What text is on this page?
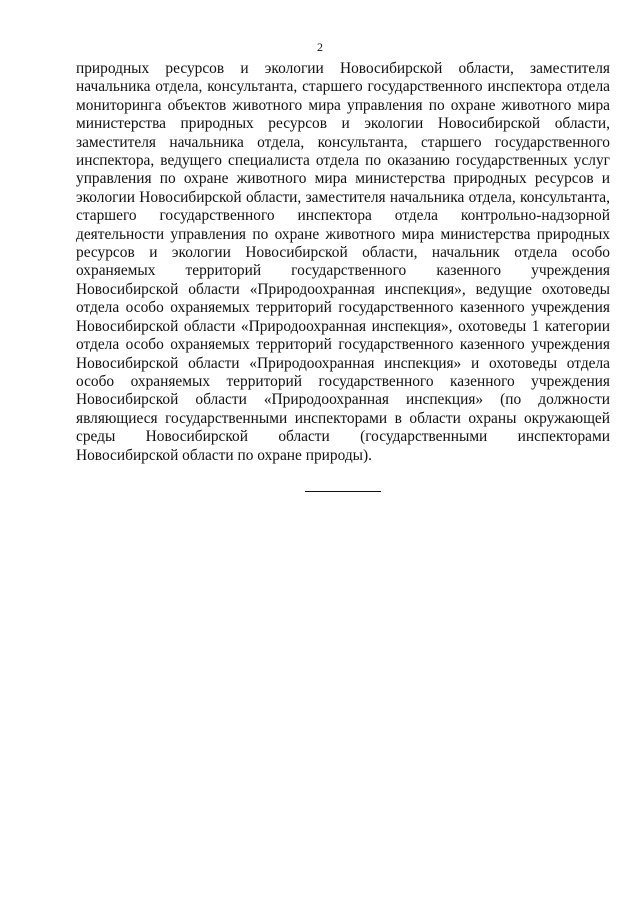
2

природных ресурсов и экологии Новосибирской области, заместителя начальника отдела, консультанта, старшего государственного инспектора отдела мониторинга объектов животного мира управления по охране животного мира министерства природных ресурсов и экологии Новосибирской области, заместителя начальника отдела, консультанта, старшего государственного инспектора, ведущего специалиста отдела по оказанию государственных услуг управления по охране животного мира министерства природных ресурсов и экологии Новосибирской области, заместителя начальника отдела, консультанта, старшего государственного инспектора отдела контрольно-надзорной деятельности управления по охране животного мира министерства природных ресурсов и экологии Новосибирской области, начальник отдела особо охраняемых территорий государственного казенного учреждения Новосибирской области «Природоохранная инспекция», ведущие охотоведы отдела особо охраняемых территорий государственного казенного учреждения Новосибирской области «Природоохранная инспекция», охотоведы 1 категории отдела особо охраняемых территорий государственного казенного учреждения Новосибирской области «Природоохранная инспекция» и охотоведы отдела особо охраняемых территорий государственного казенного учреждения Новосибирской области «Природоохранная инспекция» (по должности являющиеся государственными инспекторами в области охраны окружающей среды Новосибирской области (государственными инспекторами Новосибирской области по охране природы).
